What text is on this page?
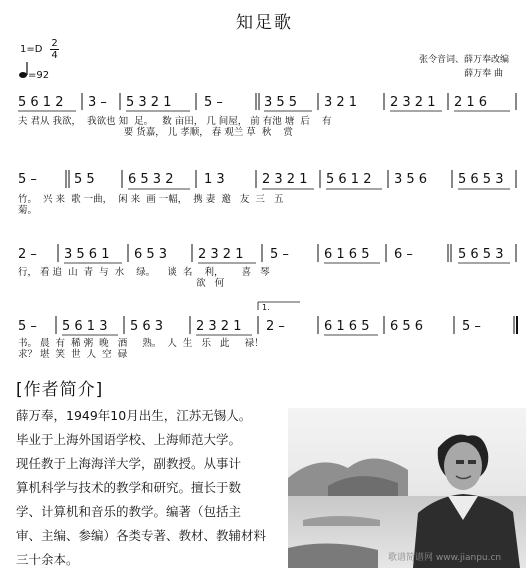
知足歌
1=D
2
4
=92
张令音词、薛万奉改编
薛万奉 曲
5 6 1 2 3 – 5 3 2 1	5 –	3 5 5 3 2 1	2 3 2 1 2 1 6
夫 君从 我欲，  我欲也 知  足。   数 亩田， 几 间屋， 前 有池 塘  后    有
要 货嘉， 儿 孝顺， 春 观兰 草  秋    赏
5 –	5 5	6 5 3 2 1 3	2 3 2 1 5 6 1 2 3 5 6 5 6 5 3
竹。  兴 来  歌 一曲，  闲 来  画 一幅，  携 妻  邀   友  三   五
菊。
2 – 3 5 6 1 6 5 3 2 3 2 1 5 –	6 1 6 5 6 –	5 6 5 3
行， 看 追  山  青  与  水    绿。    谈  名    利，      喜   琴
欲   何
5 – 5 6 1 3 5 6 3	2 3 2 1
1.
2 –	6 1 6 5 6 5 6	5 –
书。 晨  有  稀 粥  晚   酒     熟。  人  生   乐   此     禄！
求？ 堪  笑  世  人  空  碌
[作者简介]

薛万奉，1949年10月出生，江苏无锡人。

毕业于上海外国语学校、上海师范大学。

现任教于上海海洋大学，副教授。从事计

算机科学与技术的教学和研究。擅长于数

学、计算机和音乐的教学。编著（包括主

审、主编、参编）各类专著、教材、教辅材料

三十余本。	歌谱简谱网 www.jianpu.cn
